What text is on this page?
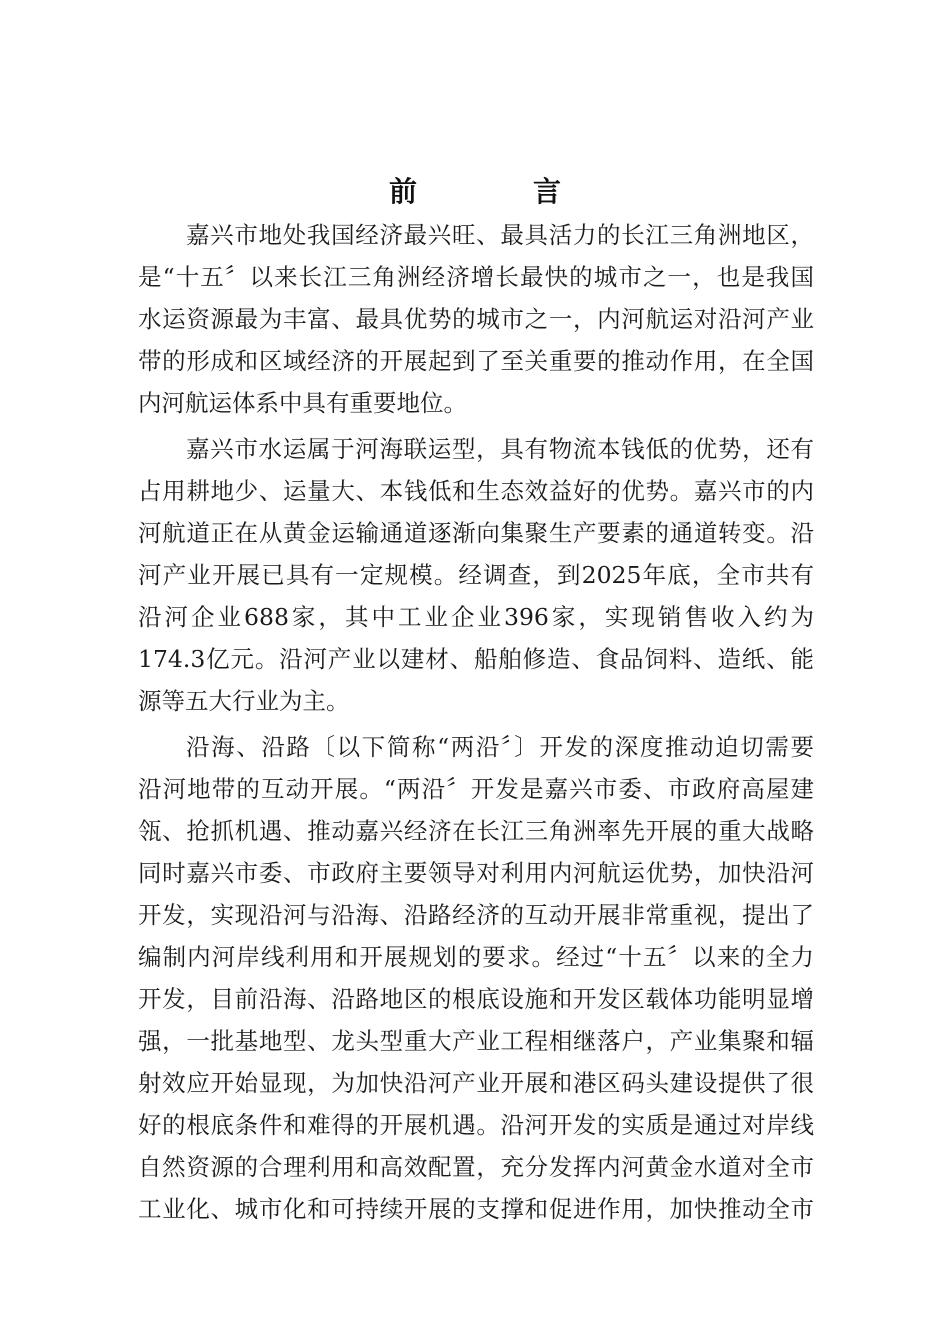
前　言
嘉兴市地处我国经济最兴旺、最具活力的长江三角洲地区，
是“十五〞以来长江三角洲经济增长最快的城市之一，也是我国
水运资源最为丰富、最具优势的城市之一，内河航运对沿河产业
带的形成和区域经济的开展起到了至关重要的推动作用，在全国
内河航运体系中具有重要地位。
嘉兴市水运属于河海联运型，具有物流本钱低的优势，还有
占用耕地少、运量大、本钱低和生态效益好的优势。嘉兴市的内
河航道正在从黄金运输通道逐渐向集聚生产要素的通道转变。沿
河产业开展已具有一定规模。经调查，到2025年底，全市共有
沿河企业688家，其中工业企业396家，实现销售收入约为
174.3亿元。沿河产业以建材、船舶修造、食品饲料、造纸、能
源等五大行业为主。
沿海、沿路〔以下简称“两沿〞〕开发的深度推动迫切需要
沿河地带的互动开展。“两沿〞开发是嘉兴市委、市政府高屋建
瓴、抢抓机遇、推动嘉兴经济在长江三角洲率先开展的重大战略
同时嘉兴市委、市政府主要领导对利用内河航运优势，加快沿河
开发，实现沿河与沿海、沿路经济的互动开展非常重视，提出了
编制内河岸线利用和开展规划的要求。经过“十五〞以来的全力
开发，目前沿海、沿路地区的根底设施和开发区载体功能明显增
强，一批基地型、龙头型重大产业工程相继落户，产业集聚和辐
射效应开始显现，为加快沿河产业开展和港区码头建设提供了很
好的根底条件和难得的开展机遇。沿河开发的实质是通过对岸线
自然资源的合理利用和高效配置，充分发挥内河黄金水道对全市
工业化、城市化和可持续开展的支撑和促进作用，加快推动全市
